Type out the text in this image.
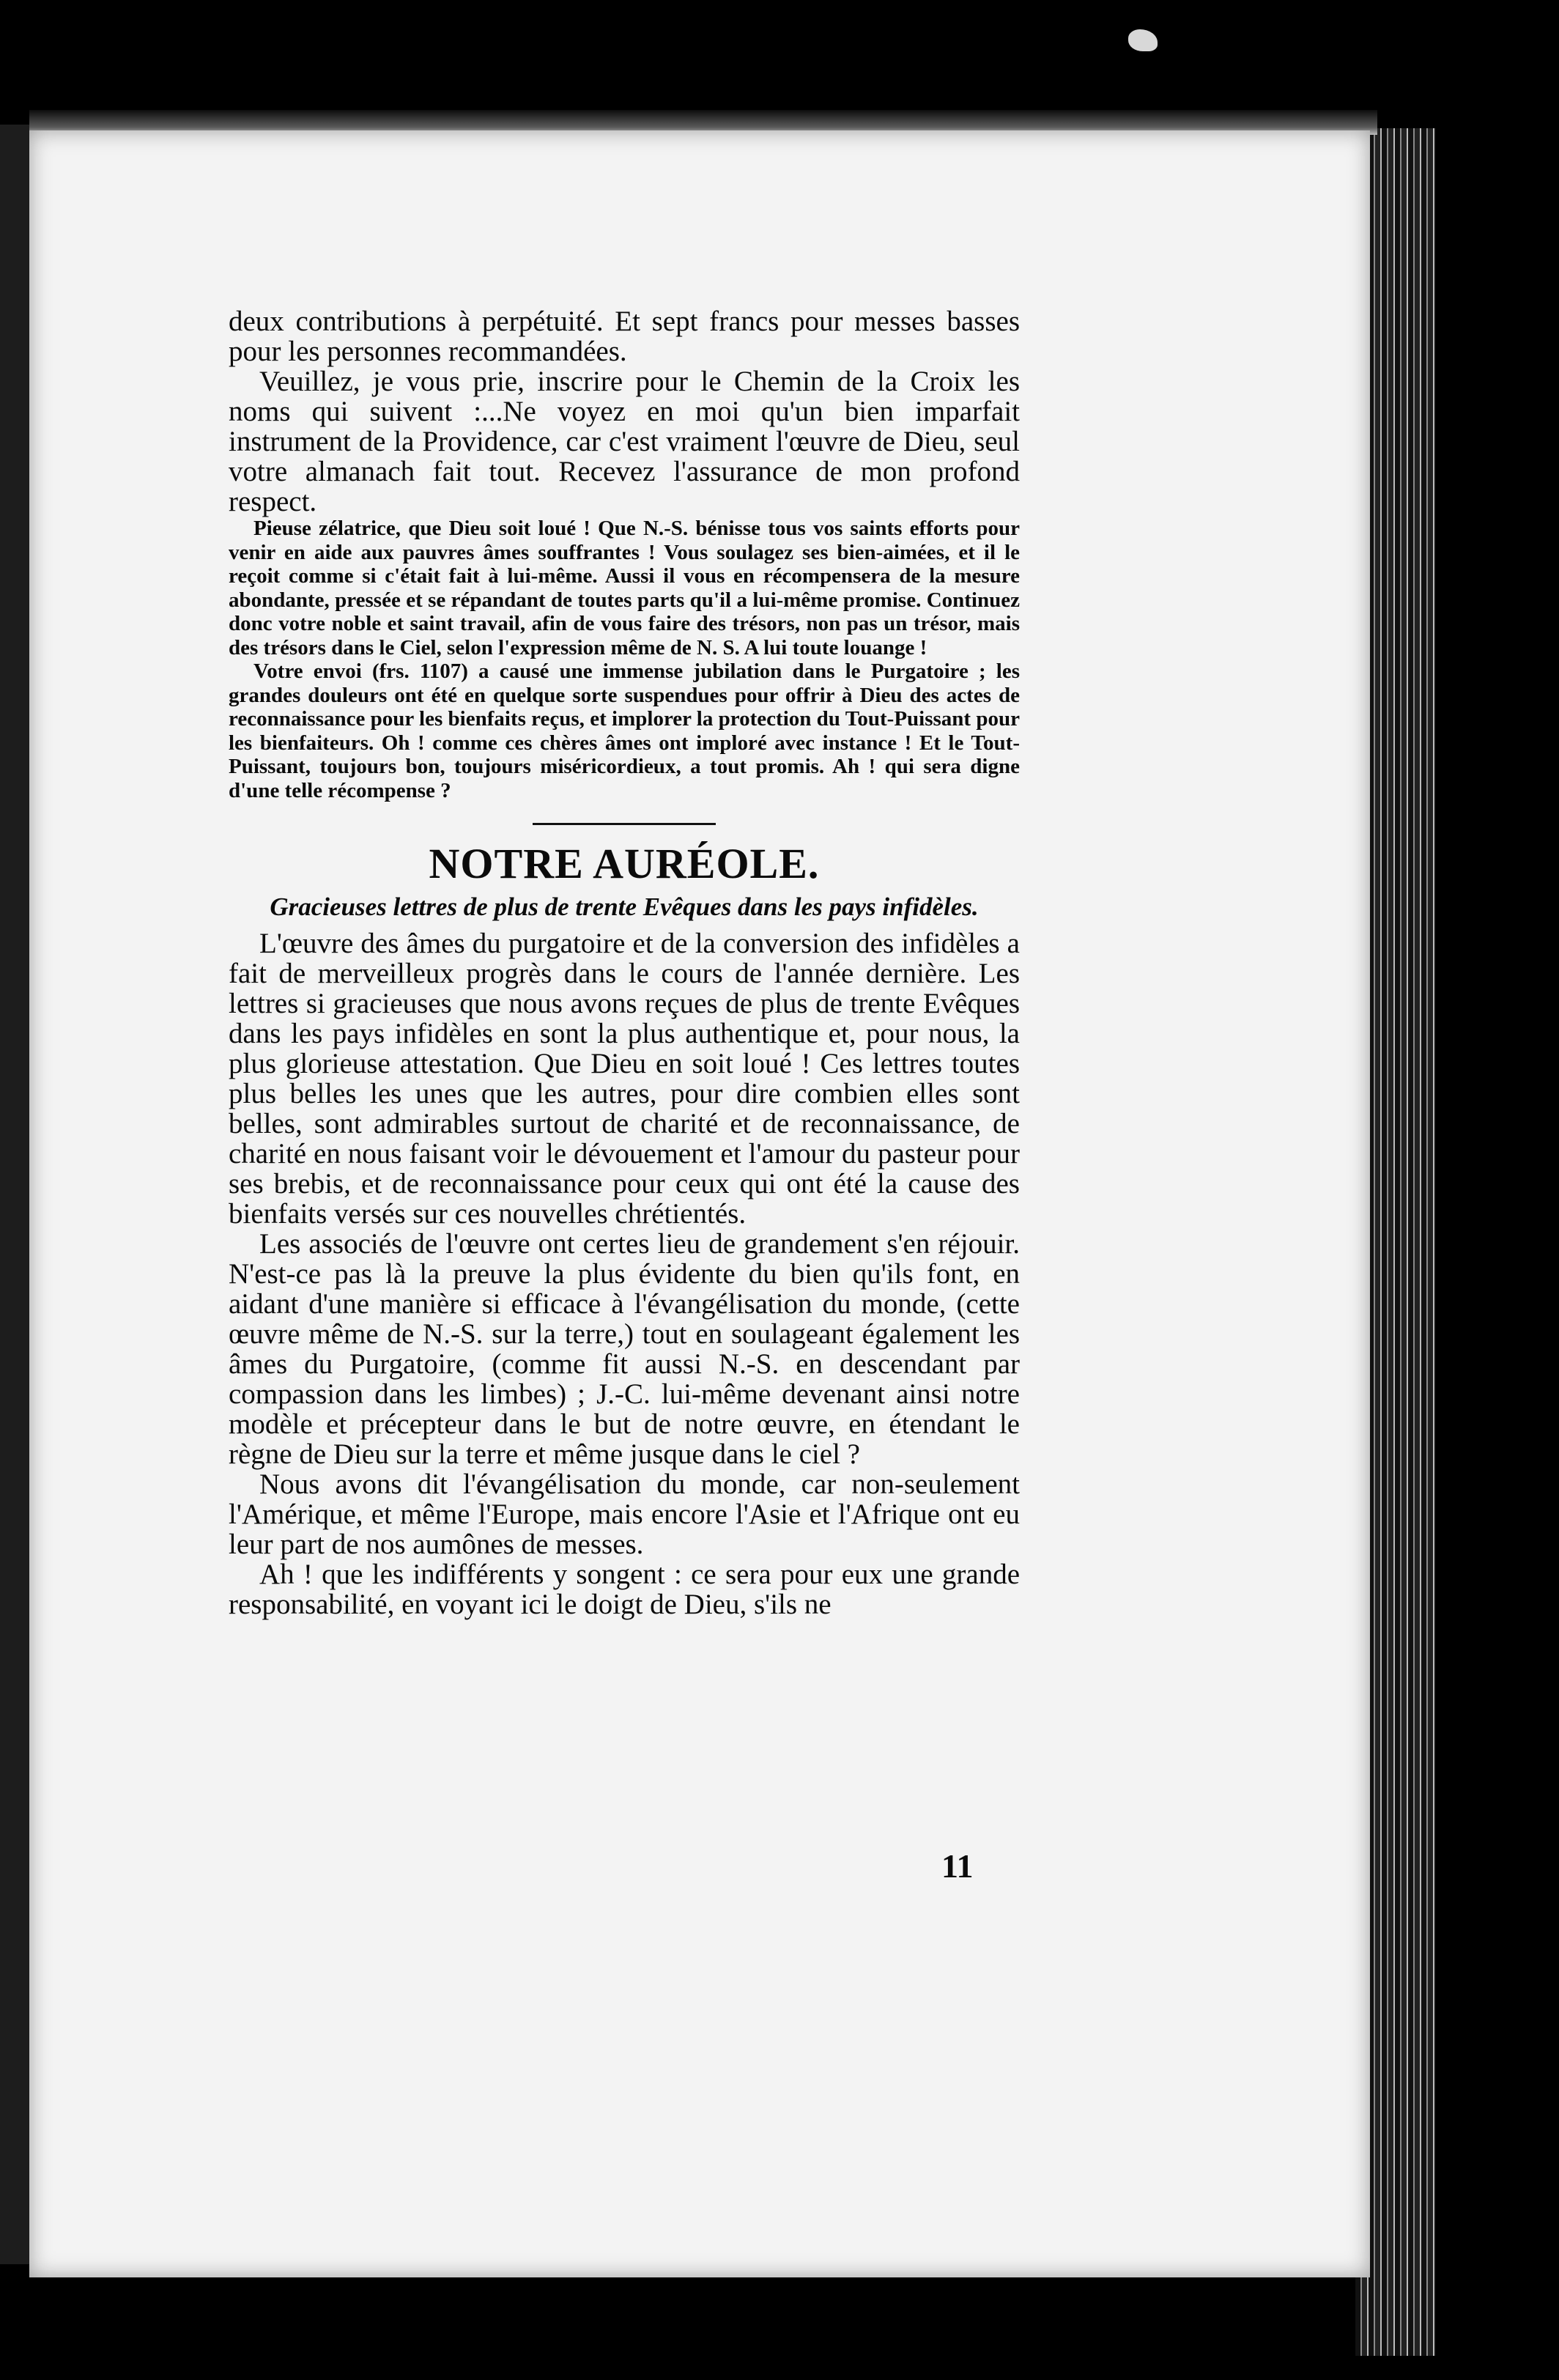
deux contributions à perpétuité. Et sept francs pour messes basses pour les personnes recommandées.

Veuillez, je vous prie, inscrire pour le Chemin de la Croix les noms qui suivent :...Ne voyez en moi qu'un bien imparfait instrument de la Providence, car c'est vraiment l'œuvre de Dieu, seul votre almanach fait tout. Recevez l'assurance de mon profond respect.

Pieuse zélatrice, que Dieu soit loué ! Que N.-S. bénisse tous vos saints efforts pour venir en aide aux pauvres âmes souffrantes ! Vous soulagez ses bien-aimées, et il le reçoit comme si c'était fait à lui-même. Aussi il vous en récompensera de la mesure abondante, pressée et se répandant de toutes parts qu'il a lui-même promise. Continuez donc votre noble et saint travail, afin de vous faire des trésors, non pas un trésor, mais des trésors dans le Ciel, selon l'expression même de N. S. A lui toute louange !

Votre envoi (frs. 1107) a causé une immense jubilation dans le Purgatoire ; les grandes douleurs ont été en quelque sorte suspendues pour offrir à Dieu des actes de reconnaissance pour les bienfaits reçus, et implorer la protection du Tout-Puissant pour les bienfaiteurs. Oh ! comme ces chères âmes ont imploré avec instance ! Et le Tout-Puissant, toujours bon, toujours miséricordieux, a tout promis. Ah ! qui sera digne d'une telle récompense ?

NOTRE AURÉOLE.
Gracieuses lettres de plus de trente Evêques dans les pays infidèles.

L'œuvre des âmes du purgatoire et de la conversion des infidèles a fait de merveilleux progrès dans le cours de l'année dernière. Les lettres si gracieuses que nous avons reçues de plus de trente Evêques dans les pays infidèles en sont la plus authentique et, pour nous, la plus glorieuse attestation. Que Dieu en soit loué ! Ces lettres toutes plus belles les unes que les autres, pour dire combien elles sont belles, sont admirables surtout de charité et de reconnaissance, de charité en nous faisant voir le dévouement et l'amour du pasteur pour ses brebis, et de reconnaissance pour ceux qui ont été la cause des bienfaits versés sur ces nouvelles chrétientés.

Les associés de l'œuvre ont certes lieu de grandement s'en réjouir. N'est-ce pas là la preuve la plus évidente du bien qu'ils font, en aidant d'une manière si efficace à l'évangélisation du monde, (cette œuvre même de N.-S. sur la terre,) tout en soulageant également les âmes du Purgatoire, (comme fit aussi N.-S. en descendant par compassion dans les limbes) ; J.-C. lui-même devenant ainsi notre modèle et précepteur dans le but de notre œuvre, en étendant le règne de Dieu sur la terre et même jusque dans le ciel ?

Nous avons dit l'évangélisation du monde, car non-seulement l'Amérique, et même l'Europe, mais encore l'Asie et l'Afrique ont eu leur part de nos aumônes de messes.

Ah ! que les indifférents y songent : ce sera pour eux une grande responsabilité, en voyant ici le doigt de Dieu, s'ils ne

11
